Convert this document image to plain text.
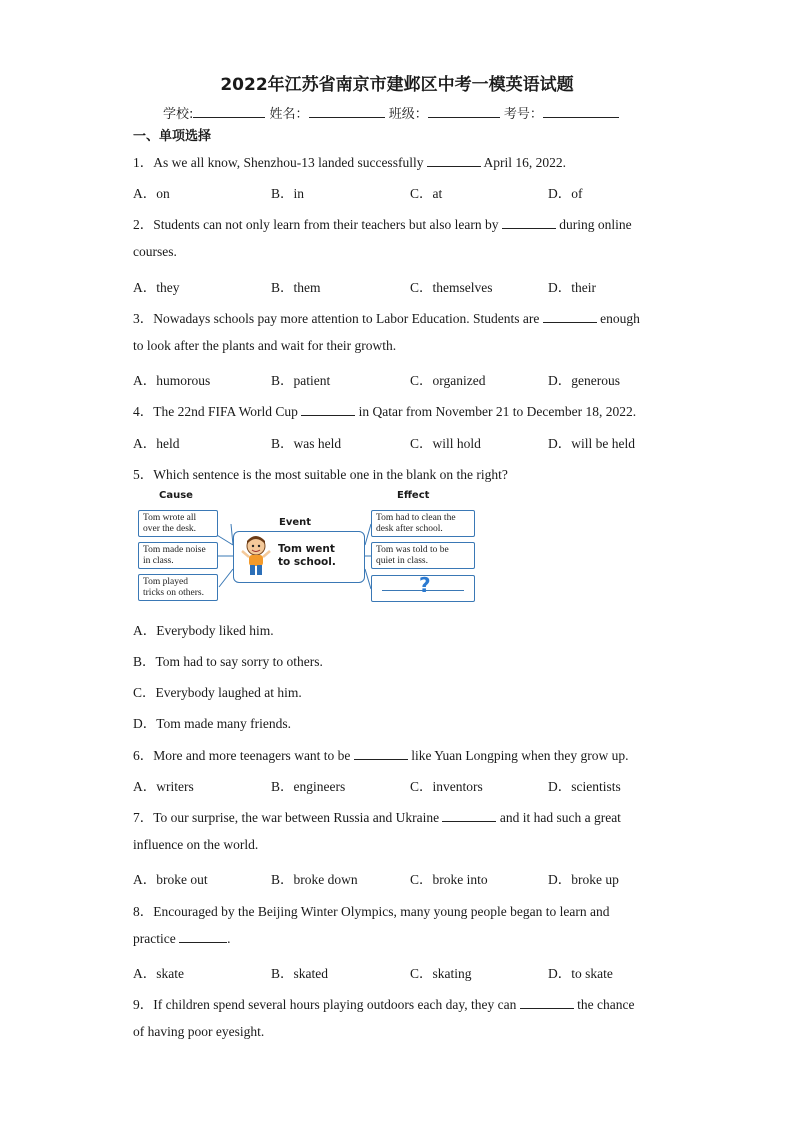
2022年江苏省南京市建邺区中考一模英语试题
学校:	姓名：	班级：	考号：
一、单项选择
1．As we all know, Shenzhou-13 landed successfully	April 16, 2022.
A．on	B．in	C．at	D．of
2．Students can not only learn from their teachers but also learn by	during online
courses.
A．they	B．them	C．themselves	D．their
3．Nowadays schools pay more attention to Labor Education. Students are	enough
to look after the plants and wait for their growth.
A．humorous	B．patient	C．organized	D．generous
4．The 22nd FIFA World Cup	in Qatar from November 21 to December 18, 2022.
A．held	B．was held	C．will hold	D．will be held
5．Which sentence is the most suitable one in the blank on the right?
Cause	Effect
Event
Tom wrote all
over the desk.
Tom made noise
in class.
Tom played
tricks on others.
Tom went
to school.
Tom had to clean the
desk after school.
Tom was told to be
quiet in class.
?
A．Everybody liked him.
B．Tom had to say sorry to others.
C．Everybody laughed at him.
D．Tom made many friends.
6．More and more teenagers want to be	like Yuan Longping when they grow up.
A．writers	B．engineers	C．inventors	D．scientists
7．To our surprise, the war between Russia and Ukraine	and it had such a great
influence on the world.
A．broke out	B．broke down	C．broke into	D．broke up
8．Encouraged by the Beijing Winter Olympics, many young people began to learn and
practice	.
A．skate	B．skated	C．skating	D．to skate
9．If children spend several hours playing outdoors each day, they can	the chance
of having poor eyesight.
